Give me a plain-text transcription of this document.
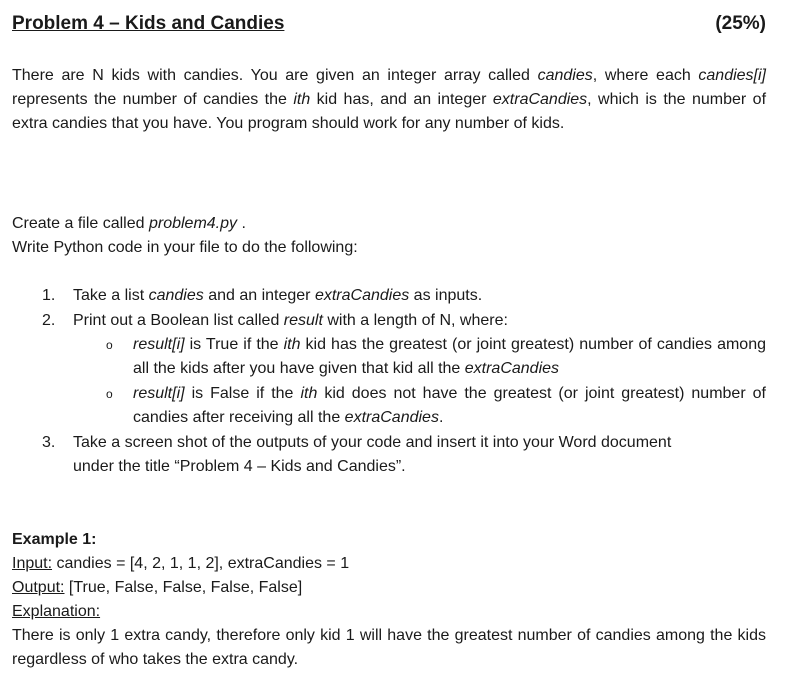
Problem 4 – Kids and Candies	(25%)
There are N kids with candies. You are given an integer array called candies, where each candies[i] represents the number of candies the ith kid has, and an integer extraCandies, which is the number of extra candies that you have. You program should work for any number of kids.
Create a file called problem4.py .
Write Python code in your file to do the following:
1.	Take a list candies and an integer extraCandies as inputs.
2.	Print out a Boolean list called result with a length of N, where:
o result[i] is True if the ith kid has the greatest (or joint greatest) number of candies among all the kids after you have given that kid all the extraCandies
o result[i] is False if the ith kid does not have the greatest (or joint greatest) number of candies after receiving all the extraCandies.
3.	Take a screen shot of the outputs of your code and insert it into your Word document under the title “Problem 4 – Kids and Candies”.
Example 1:
Input: candies = [4, 2, 1, 1, 2], extraCandies = 1
Output: [True, False, False, False, False]
Explanation:
There is only 1 extra candy, therefore only kid 1 will have the greatest number of candies among the kids regardless of who takes the extra candy.
